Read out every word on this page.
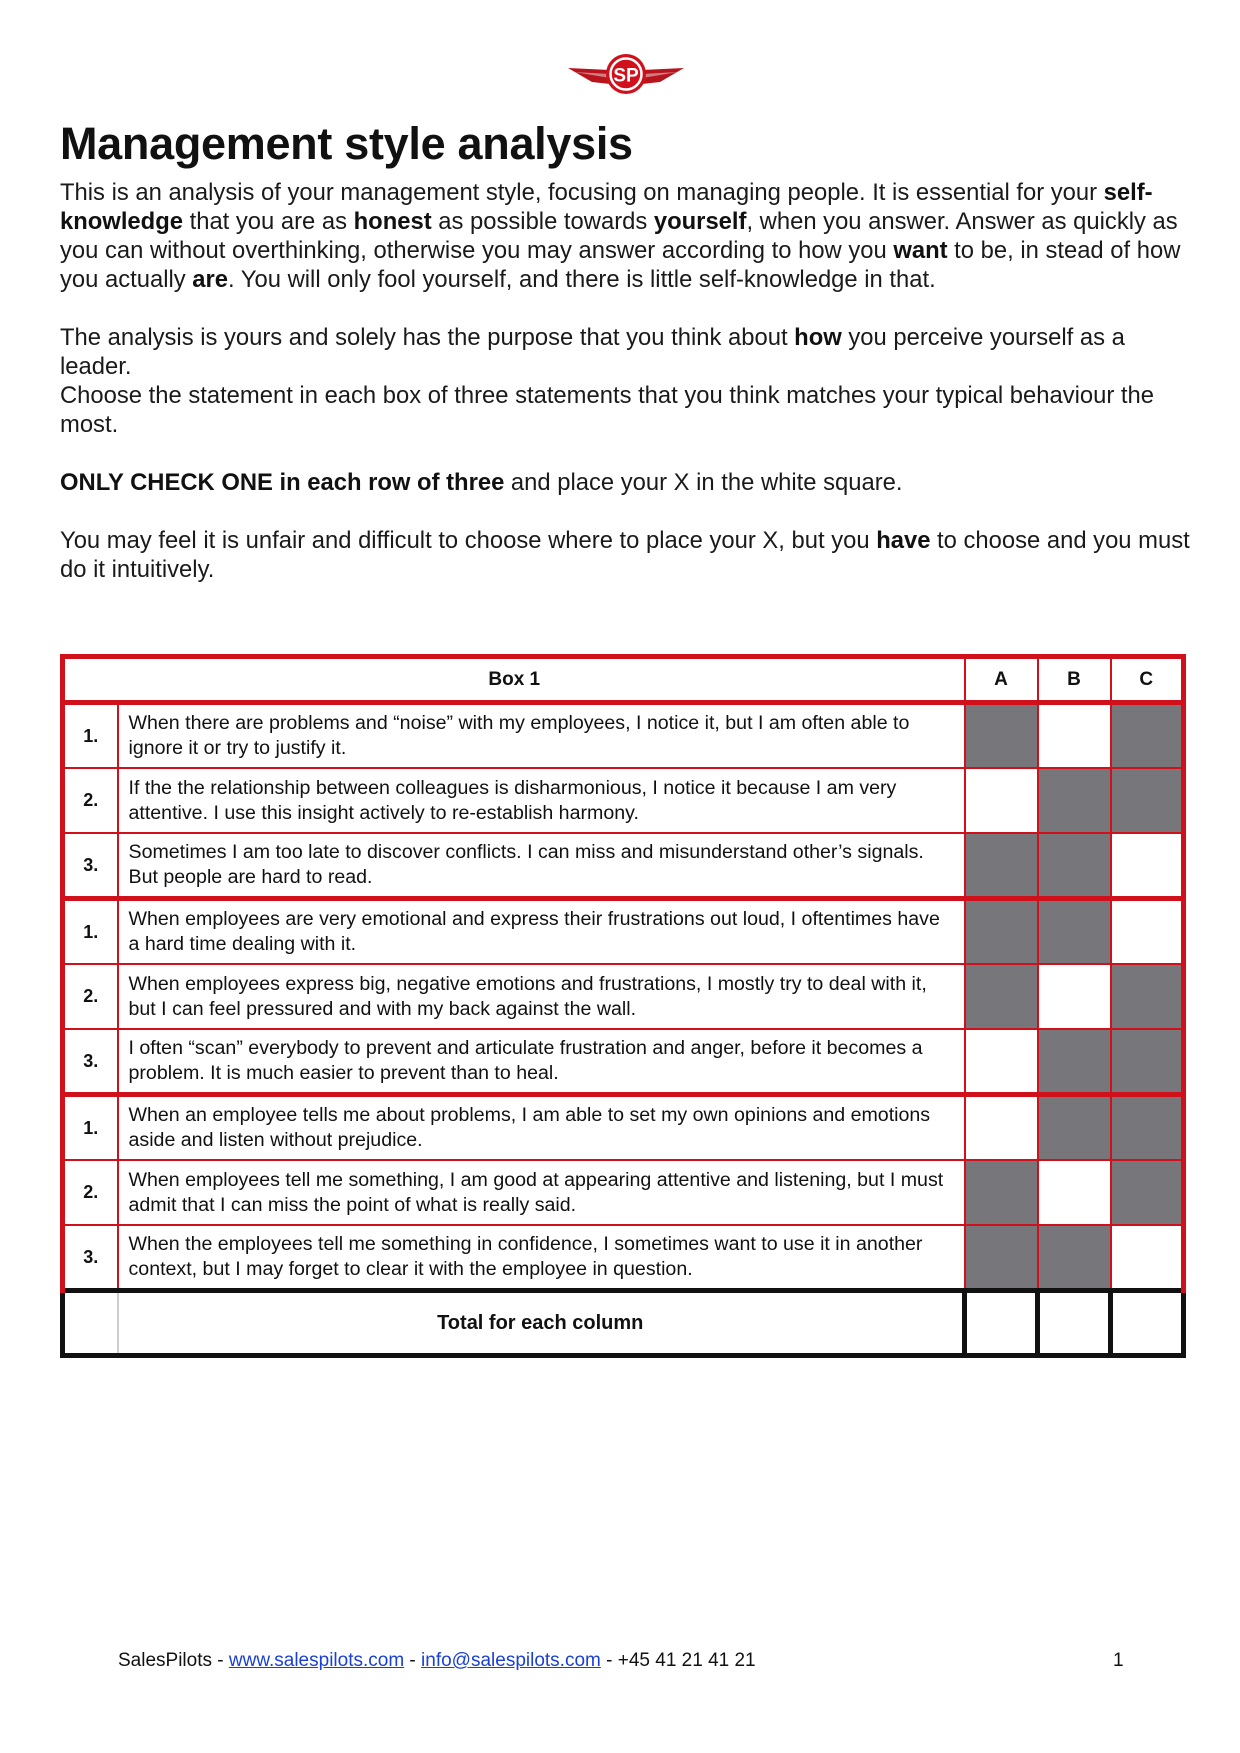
SP
Management style analysis
This is an analysis of your management style, focusing on managing people. It is essential for your self-knowledge that you are as honest as possible towards yourself, when you answer. Answer as quickly as you can without overthinking, otherwise you may answer according to how you want to be, in stead of how you actually are. You will only fool yourself, and there is little self-knowledge in that.
The analysis is yours and solely has the purpose that you think about how you perceive yourself as a leader.
Choose the statement in each box of three statements that you think matches your typical behaviour the most.
ONLY CHECK ONE in each row of three and place your X in the white square.
You may feel it is unfair and difficult to choose where to place your X, but you have to choose and you must do it intuitively.
Box 1		A	B	C
1.	When there are problems and “noise” with my employees, I notice it, but I am often able to ignore it or try to justify it.			
2.	If the the relationship between colleagues is disharmonious, I notice it because I am very attentive. I use this insight actively to re-establish harmony.			
3.	Sometimes I am too late to discover conflicts. I can miss and misunderstand other’s signals. But people are hard to read.			
1.	When employees are very emotional and express their frustrations out loud, I oftentimes have a hard time dealing with it.			
2.	When employees express big, negative emotions and frustrations, I mostly try to deal with it, but I can feel pressured and with my back against the wall.			
3.	I often “scan” everybody to prevent and articulate frustration and anger, before it becomes a problem. It is much easier to prevent than to heal.			
1.	When an employee tells me about problems, I am able to set my own opinions and emotions aside and listen without prejudice.			
2.	When employees tell me something, I am good at appearing attentive and listening, but I must admit that I can miss the point of what is really said.			
3.	When the employees tell me something in confidence, I sometimes want to use it in another context, but I may forget to clear it with the employee in question.			
	Total for each column			
SalesPilots - www.salespilots.com - info@salespilots.com - +45 41 21 41 21	1
